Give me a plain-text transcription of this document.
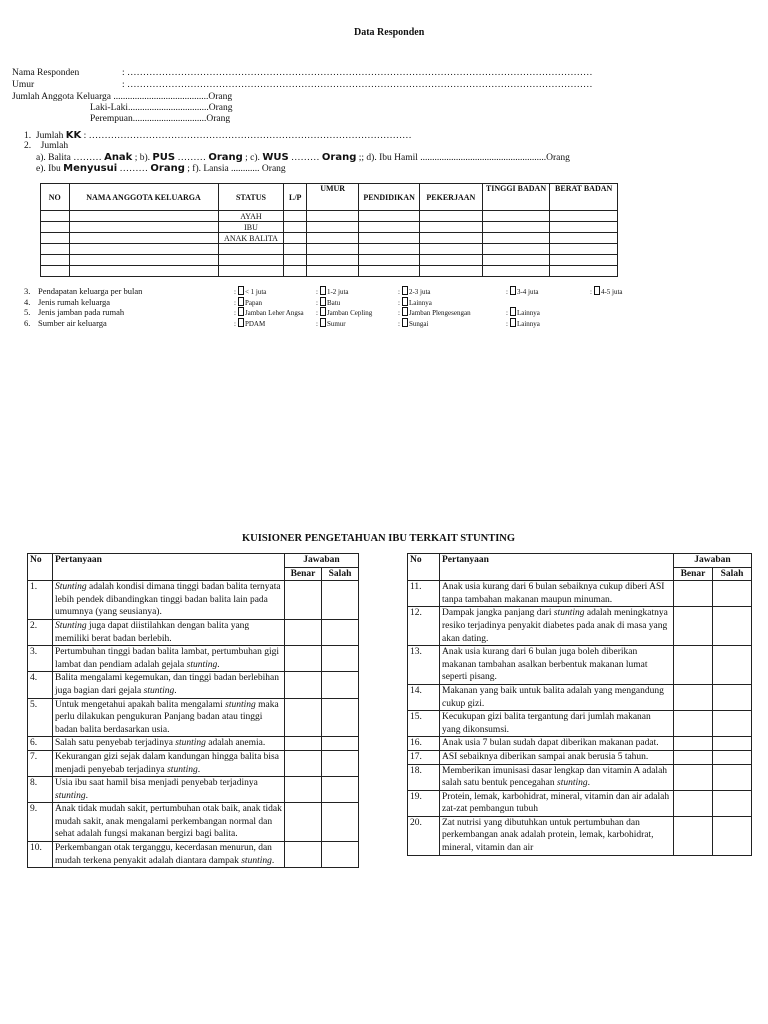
Data Responden
Nama Responden	: …………………………………………………………………………………………………………………………………
Umur	: …………………………………………………………………………………………………………………………………
Jumlah Anggota Keluarga ........................................Orang
Laki-Laki..................................Orang
Perempuan...............................Orang
1. Jumlah KK : …………………………………………………………………………………………
2. Jumlah
a). Balita ……… Anak ; b). PUS ……… Orang ; c). WUS ……… Orang ;; d). Ibu Hamil .....................................................Orang
e). Ibu Menyusui ……… Orang ; f). Lansia ............ Orang
NO	NAMA ANGGOTA KELUARGA	STATUS	L/P	UMUR	PENDIDIKAN	PEKERJAAN	TINGGI BADAN	BERAT BADAN
		AYAH						
		IBU						
		ANAK BALITA						

3. Pendapatan keluarga per bulan	: < 1 juta	: 1-2 juta	: 2-3 juta	: 3-4 juta	: 4-5 juta
4. Jenis rumah keluarga	: Papan	: Batu	: Lainnya
5. Jenis jamban pada rumah	: Jamban Leher Angsa : Jamban Cepling	: Jamban Plengesengan	: Lainnya
6. Sumber air keluarga	: PDAM	: Sumur	: Sungai	: Lainnya
KUISIONER PENGETAHUAN IBU TERKAIT STUNTING
No	Pertanyaan	Jawaban	
		Benar	Salah
1.	Stunting adalah kondisi dimana tinggi badan balita ternyata lebih pendek dibandingkan tinggi badan balita lain pada umumnya (yang seusianya).		
2.	Stunting juga dapat diistilahkan dengan balita yang memiliki berat badan berlebih.		
3.	Pertumbuhan tinggi badan balita lambat, pertumbuhan gigi lambat dan pendiam adalah gejala stunting.		
4.	Balita mengalami kegemukan, dan tinggi badan berlebihan juga bagian dari gejala stunting.		
5.	Untuk mengetahui apakah balita mengalami stunting maka perlu dilakukan pengukuran Panjang badan atau tinggi badan balita berdasarkan usia.		
6.	Salah satu penyebab terjadinya stunting adalah anemia.		
7.	Kekurangan gizi sejak dalam kandungan hingga balita bisa menjadi penyebab terjadinya stunting.		
8.	Usia ibu saat hamil bisa menjadi penyebab terjadinya stunting.		
9.	Anak tidak mudah sakit, pertumbuhan otak baik, anak tidak mudah sakit, anak mengalami perkembangan normal dan sehat adalah fungsi makanan bergizi bagi balita.		
10.	Perkembangan otak terganggu, kecerdasan menurun, dan mudah terkena penyakit adalah diantara dampak stunting.		
No	Pertanyaan	Jawaban	
		Benar	Salah
11.	Anak usia kurang dari 6 bulan sebaiknya cukup diberi ASI tanpa tambahan makanan maupun minuman.		
12.	Dampak jangka panjang dari stunting adalah meningkatnya resiko terjadinya penyakit diabetes pada anak di masa yang akan dating.		
13.	Anak usia kurang dari 6 bulan juga boleh diberikan makanan tambahan asalkan berbentuk makanan lumat seperti pisang.		
14.	Makanan yang baik untuk balita adalah yang mengandung cukup gizi.		
15.	Kecukupan gizi balita tergantung dari jumlah makanan yang dikonsumsi.		
16.	Anak usia 7 bulan sudah dapat diberikan makanan padat.		
17.	ASI sebaiknya diberikan sampai anak berusia 5 tahun.		
18.	Memberikan imunisasi dasar lengkap dan vitamin A adalah salah satu bentuk pencegahan stunting.		
19.	Protein, lemak, karbohidrat, mineral, vitamin dan air adalah zat-zat pembangun tubuh		
20.	Zat nutrisi yang dibutuhkan untuk pertumbuhan dan perkembangan anak adalah protein, lemak, karbohidrat, mineral, vitamin dan air		
